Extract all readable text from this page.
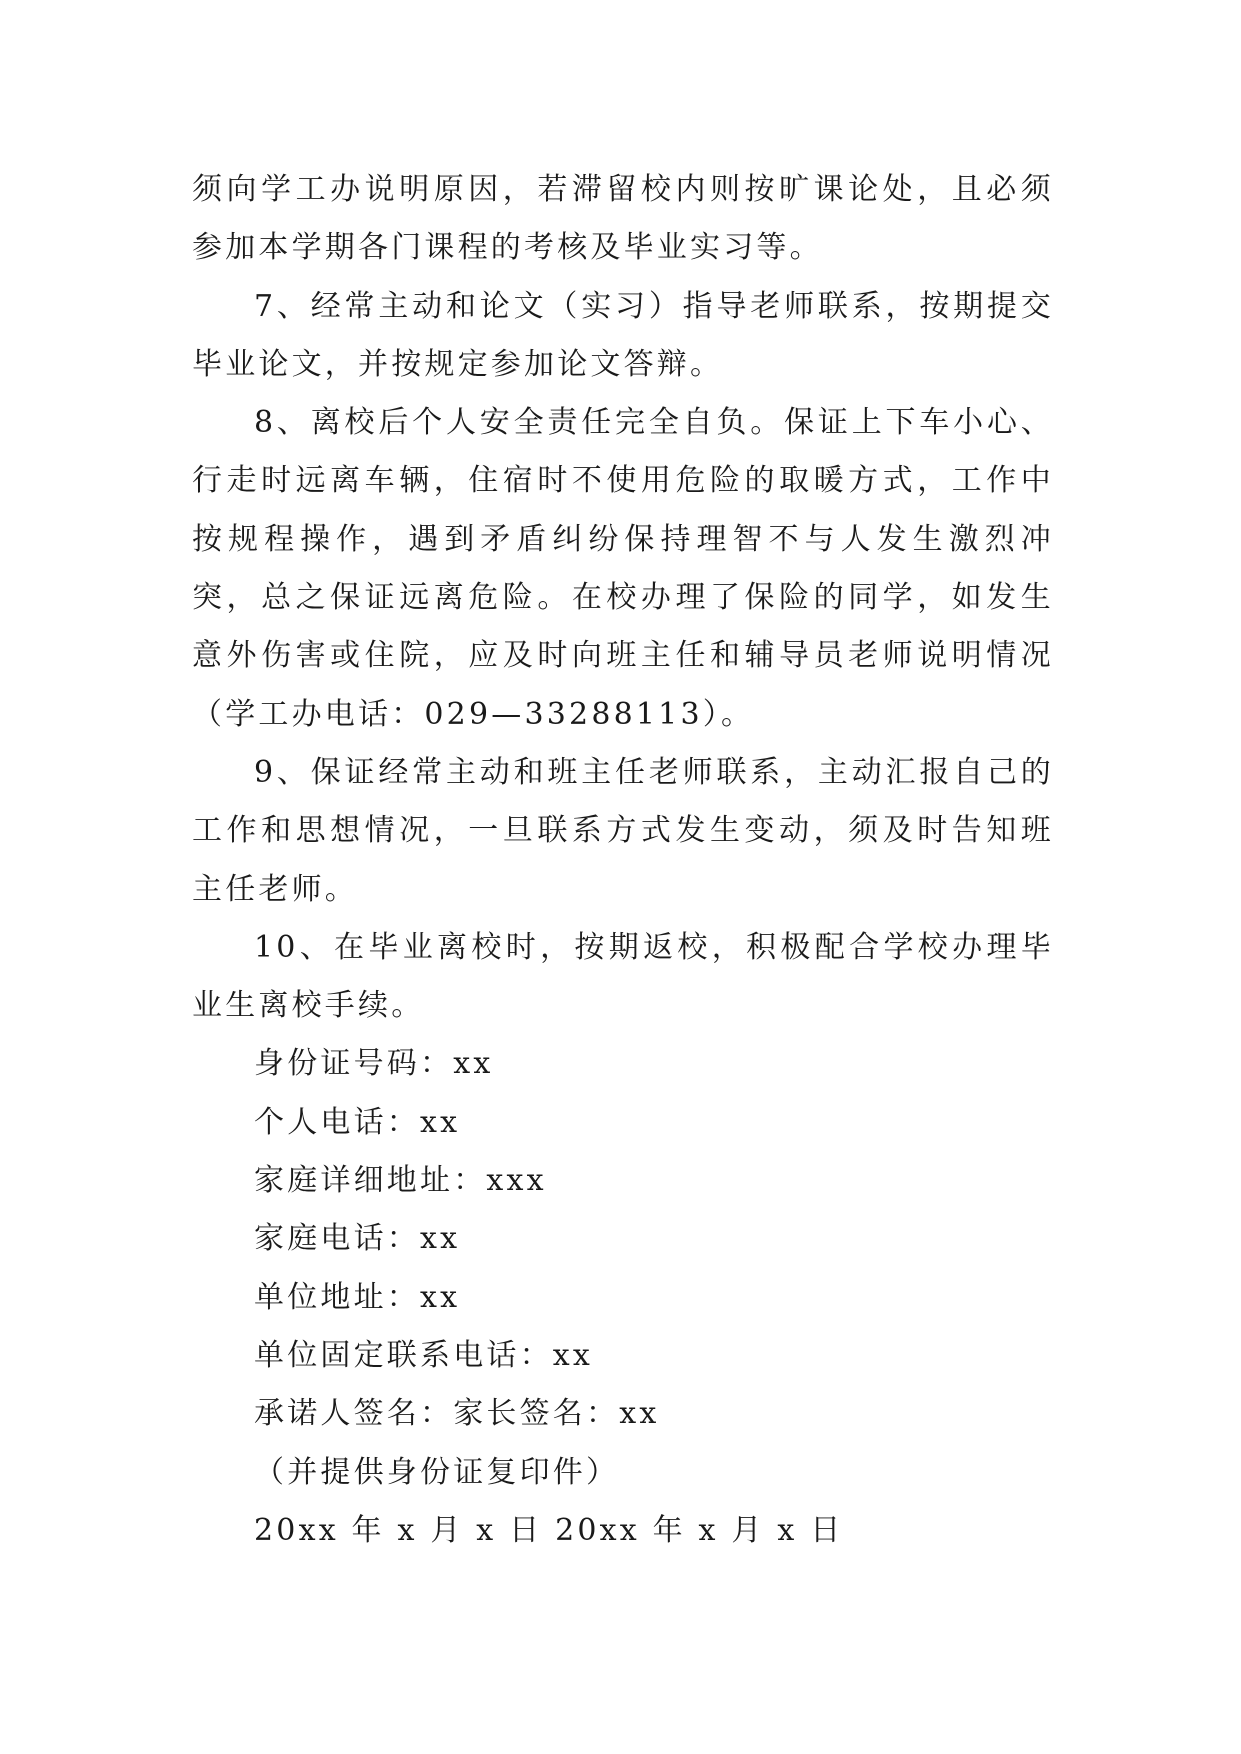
须向学工办说明原因，若滞留校内则按旷课论处，且必须参加本学期各门课程的考核及毕业实习等。

7、经常主动和论文（实习）指导老师联系，按期提交毕业论文，并按规定参加论文答辩。

8、离校后个人安全责任完全自负。保证上下车小心、行走时远离车辆，住宿时不使用危险的取暖方式，工作中按规程操作，遇到矛盾纠纷保持理智不与人发生激烈冲突，总之保证远离危险。在校办理了保险的同学，如发生意外伤害或住院，应及时向班主任和辅导员老师说明情况（学工办电话：029—33288113）。

9、保证经常主动和班主任老师联系，主动汇报自己的工作和思想情况，一旦联系方式发生变动，须及时告知班主任老师。

10、在毕业离校时，按期返校，积极配合学校办理毕业生离校手续。

身份证号码：xx

个人电话：xx

家庭详细地址：xxx

家庭电话：xx

单位地址：xx

单位固定联系电话：xx

承诺人签名：家长签名：xx

（并提供身份证复印件）

20xx 年 x 月 x 日 20xx 年 x 月 x 日
